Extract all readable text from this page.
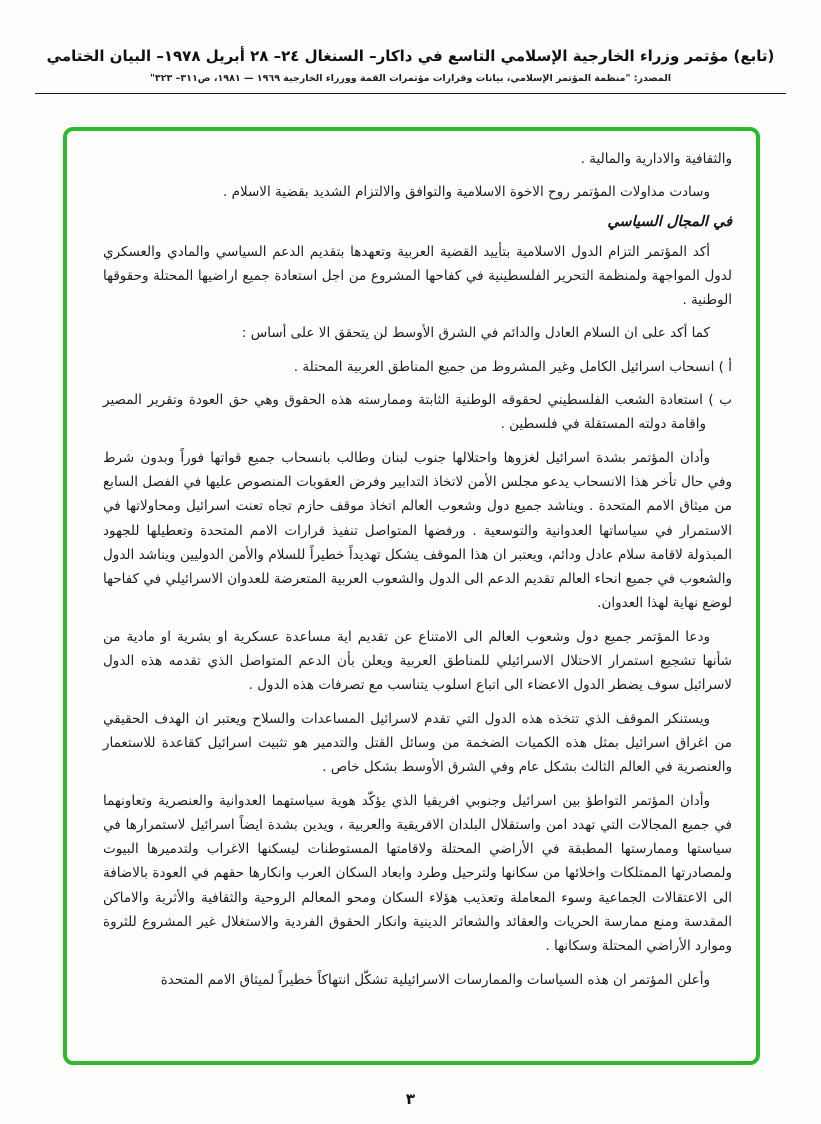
(تابع) مؤتمر وزراء الخارجية الإسلامي التاسع في داكار– السنغال ٢٤– ٢٨ أبريل ١٩٧٨– البيان الختامي
المصدر: "منظمة المؤتمر الإسلامي، بيانات وقرارات مؤتمرات القمة ووزراء الخارجية ١٩٦٩ — ١٩٨١، ص٣١١– ٣٢٣"

والثقافية والادارية والمالية .

وسادت مداولات المؤتمر روح الاخوة الاسلامية والتوافق والالتزام الشديد بقضية الاسلام .

في المجال السياسي

أكد المؤتمر التزام الدول الاسلامية بتأييد القضية العربية وتعهدها بتقديم الدعم السياسي والمادي والعسكري لدول المواجهة ولمنظمة التحرير الفلسطينية في كفاحها المشروع من اجل استعادة جميع اراضيها المحتلة وحقوقها الوطنية .

كما أكد على ان السلام العادل والدائم في الشرق الأوسط لن يتحقق الا على أساس :

أ ) انسحاب اسرائيل الكامل وغير المشروط من جميع المناطق العربية المحتلة .

ب ) استعادة الشعب الفلسطيني لحقوقه الوطنية الثابتة وممارسته هذه الحقوق وهي حق العودة وتقرير المصير واقامة دولته المستقلة في فلسطين .

وأدان المؤتمر بشدة اسرائيل لغزوها واحتلالها جنوب لبنان وطالب بانسحاب جميع قواتها فوراً وبدون شرط وفي حال تأخر هذا الانسحاب يدعو مجلس الأمن لاتخاذ التدابير وفرض العقوبات المنصوص عليها في الفصل السابع من ميثاق الامم المتحدة . ويناشد جميع دول وشعوب العالم اتخاذ موقف حازم تجاه تعنت اسرائيل ومحاولاتها في الاستمرار في سياساتها العدوانية والتوسعية . ورفضها المتواصل تنفيذ قرارات الامم المتحدة وتعطيلها للجهود المبذولة لاقامة سلام عادل ودائم، ويعتبر ان هذا الموقف يشكل تهديداً خطيراً للسلام والأمن الدوليين ويناشد الدول والشعوب في جميع انحاء العالم تقديم الدعم الى الدول والشعوب العربية المتعرضة للعدوان الاسرائيلي في كفاحها لوضع نهاية لهذا العدوان.

ودعا المؤتمر جميع دول وشعوب العالم الى الامتناع عن تقديم اية مساعدة عسكرية او بشرية او مادية من شأنها تشجيع استمرار الاحتلال الاسرائيلي للمناطق العربية ويعلن بأن الدعم المتواصل الذي تقدمه هذه الدول لاسرائيل سوف يضطر الدول الاعضاء الى اتباع اسلوب يتناسب مع تصرفات هذه الدول .

ويستنكر الموقف الذي تتخذه هذه الدول التي تقدم لاسرائيل المساعدات والسلاح ويعتبر ان الهدف الحقيقي من اغراق اسرائيل بمثل هذه الكميات الضخمة من وسائل القتل والتدمير هو تثبيت اسرائيل كقاعدة للاستعمار والعنصرية في العالم الثالث بشكل عام وفي الشرق الأوسط بشكل خاص .

وأدان المؤتمر التواطؤ بين اسرائيل وجنوبي افريقيا الذي يؤكّد هوية سياستهما العدوانية والعنصرية وتعاونهما في جميع المجالات التي تهدد امن واستقلال البلدان الافريقية والعربية ، ويدين بشدة ايضاً اسرائيل لاستمرارها في سياستها وممارستها المطبقة في الأراضي المحتلة ولاقامتها المستوطنات ليسكنها الاغراب ولتدميرها البيوت ولمصادرتها الممتلكات واخلائها من سكانها ولترحيل وطرد وابعاد السكان العرب وانكارها حقهم في العودة بالاضافة الى الاعتقالات الجماعية وسوء المعاملة وتعذيب هؤلاء السكان ومحو المعالم الروحية والثقافية والأثرية والاماكن المقدسة ومنع ممارسة الحريات والعقائد والشعائر الدينية وانكار الحقوق الفردية والاستغلال غير المشروع للثروة وموارد الأراضي المحتلة وسكانها .

وأعلن المؤتمر ان هذه السياسات والممارسات الاسرائيلية تشكّل انتهاكاً خطيراً لميثاق الامم المتحدة

٣
